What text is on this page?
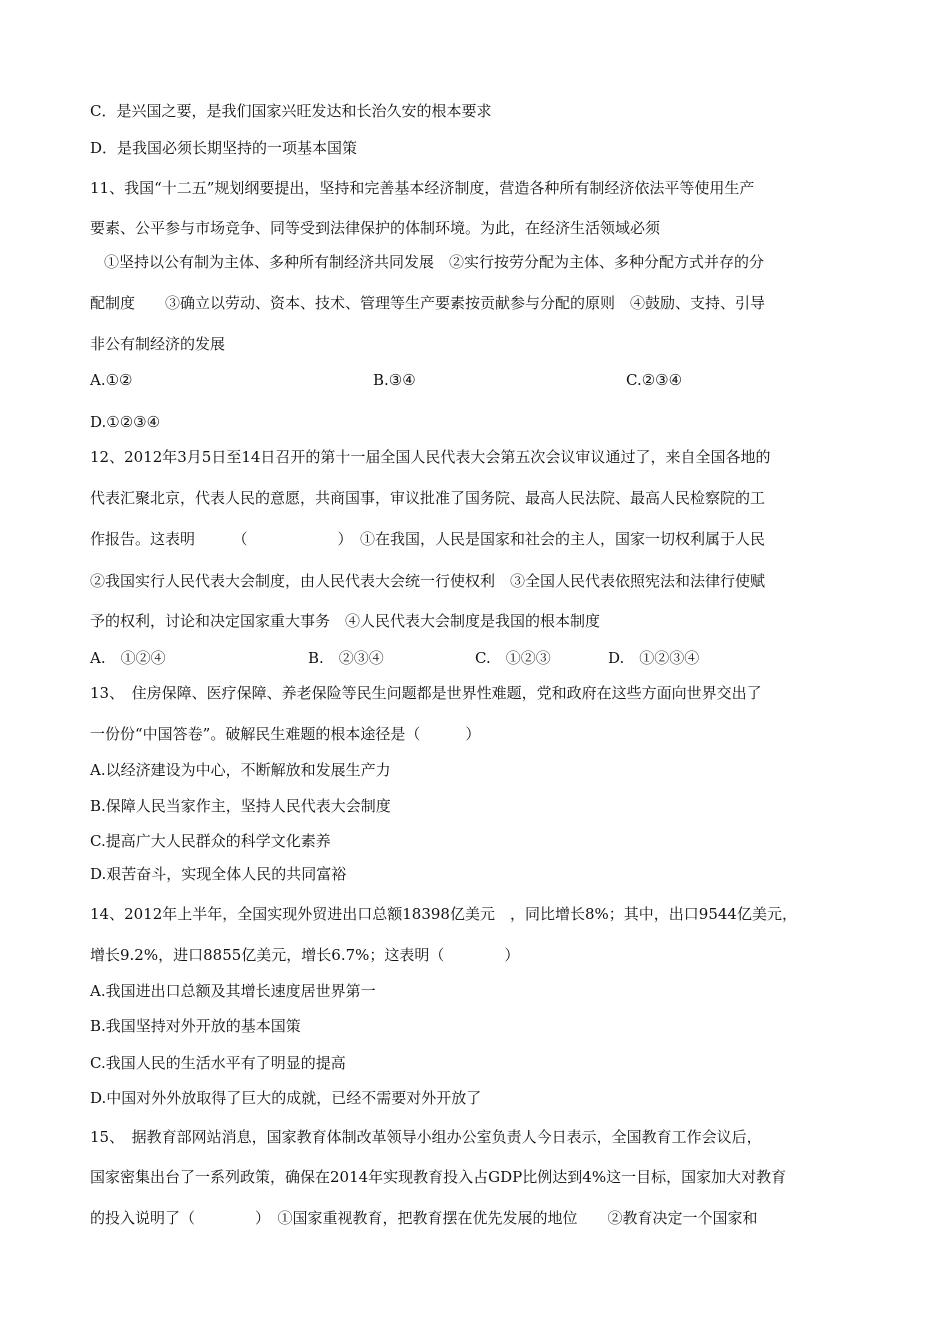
C．是兴国之要，是我们国家兴旺发达和长治久安的根本要求
D．是我国必须长期坚持的一项基本国策
11、我国“十二五”规划纲要提出，坚持和完善基本经济制度，营造各种所有制经济依法平等使用生产
要素、公平参与市场竞争、同等受到法律保护的体制环境。为此，在经济生活领域必须
①坚持以公有制为主体、多种所有制经济共同发展　②实行按劳分配为主体、多种分配方式并存的分
配制度　　③确立以劳动、资本、技术、管理等生产要素按贡献参与分配的原则　④鼓励、支持、引导
非公有制经济的发展
A.①②	B.③④	C.②③④
D.①②③④
12、2012年3月5日至14日召开的第十一届全国人民代表大会第五次会议审议通过了，来自全国各地的
代表汇聚北京，代表人民的意愿，共商国事，审议批准了国务院、最高人民法院、最高人民检察院的工
作报告。这表明　　　（　　　　　　）　①在我国，人民是国家和社会的主人，国家一切权利属于人民
②我国实行人民代表大会制度，由人民代表大会统一行使权利　③全国人民代表依照宪法和法律行使赋
予的权利，讨论和决定国家重大事务　④人民代表大会制度是我国的根本制度
A.　①②④	B.　②③④	C.　①②③	D.　①②③④
13、　住房保障、医疗保障、养老保险等民生问题都是世界性难题，党和政府在这些方面向世界交出了
一份份“中国答卷”。破解民生难题的根本途径是（　　　）
A.以经济建设为中心，不断解放和发展生产力
B.保障人民当家作主，坚持人民代表大会制度
C.提高广大人民群众的科学文化素养
D.艰苦奋斗，实现全体人民的共同富裕
14、2012年上半年，全国实现外贸进出口总额18398亿美元　，同比增长8%；其中，出口9544亿美元，
增长9.2%，进口8855亿美元，增长6.7%；这表明（　　　　）
A.我国进出口总额及其增长速度居世界第一
B.我国坚持对外开放的基本国策
C.我国人民的生活水平有了明显的提高
D.中国对外外放取得了巨大的成就，已经不需要对外开放了
15、　据教育部网站消息，国家教育体制改革领导小组办公室负责人今日表示，全国教育工作会议后，
国家密集出台了一系列政策，确保在2014年实现教育投入占GDP比例达到4%这一目标，国家加大对教育
的投入说明了（　　　　）　①国家重视教育，把教育摆在优先发展的地位　　②教育决定一个国家和
